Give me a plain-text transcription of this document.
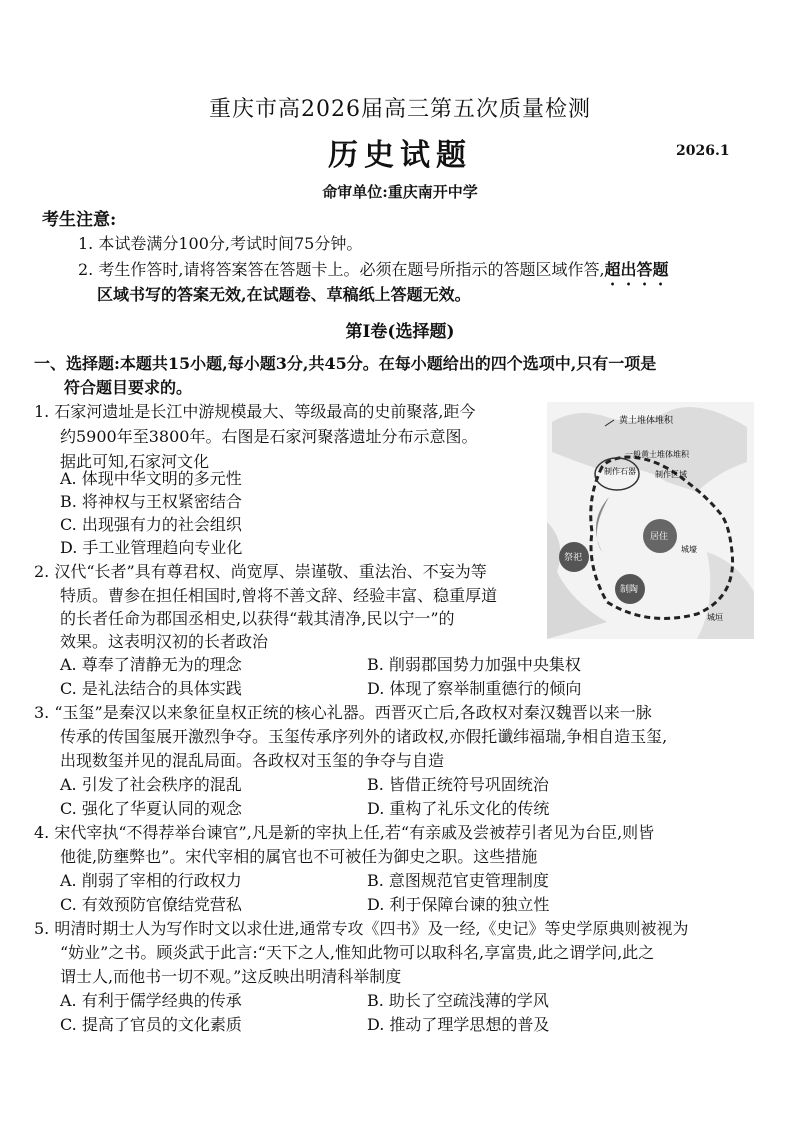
重庆市高2026届高三第五次质量检测
历史试题	2026.1
命审单位:重庆南开中学
考生注意:
1. 本试卷满分100分,考试时间75分钟。
2. 考生作答时,请将答案答在答题卡上。必须在题号所指示的答题区域作答,超出答题
区域书写的答案无效,在试题卷、草稿纸上答题无效。
第Ⅰ卷(选择题)
一、选择题:本题共15小题,每小题3分,共45分。在每小题给出的四个选项中,只有一项是
符合题目要求的。
1. 石家河遗址是长江中游规模最大、等级最高的史前聚落,距今
约5900年至3800年。右图是石家河聚落遗址分布示意图。
据此可知,石家河文化
A. 体现中华文明的多元性
B. 将神权与王权紧密结合
C. 出现强有力的社会组织
D. 手工业管理趋向专业化
黄土堆体堆积
一般黄土堆体堆积
制作石器 制作区域
居住
城壕
祭祀
制陶
城垣
2. 汉代“长者”具有尊君权、尚宽厚、崇谨敬、重法治、不妄为等
特质。曹参在担任相国时,曾将不善文辞、经验丰富、稳重厚道
的长者任命为郡国丞相史,以获得“载其清净,民以宁一”的
效果。这表明汉初的长者政治
A. 尊奉了清静无为的理念	B. 削弱郡国势力加强中央集权
C. 是礼法结合的具体实践	D. 体现了察举制重德行的倾向
3. “玉玺”是秦汉以来象征皇权正统的核心礼器。西晋灭亡后,各政权对秦汉魏晋以来一脉
传承的传国玺展开激烈争夺。玉玺传承序列外的诸政权,亦假托谶纬福瑞,争相自造玉玺,
出现数玺并见的混乱局面。各政权对玉玺的争夺与自造
A. 引发了社会秩序的混乱	B. 皆借正统符号巩固统治
C. 强化了华夏认同的观念	D. 重构了礼乐文化的传统
4. 宋代宰执“不得荐举台谏官”,凡是新的宰执上任,若“有亲戚及尝被荐引者见为台臣,则皆
他徙,防壅弊也”。宋代宰相的属官也不可被任为御史之职。这些措施
A. 削弱了宰相的行政权力	B. 意图规范官吏管理制度
C. 有效预防官僚结党营私	D. 利于保障台谏的独立性
5. 明清时期士人为写作时文以求仕进,通常专攻《四书》及一经,《史记》等史学原典则被视为
“妨业”之书。顾炎武于此言:“天下之人,惟知此物可以取科名,享富贵,此之谓学问,此之
谓士人,而他书一切不观。”这反映出明清科举制度
A. 有利于儒学经典的传承	B. 助长了空疏浅薄的学风
C. 提高了官员的文化素质	D. 推动了理学思想的普及
